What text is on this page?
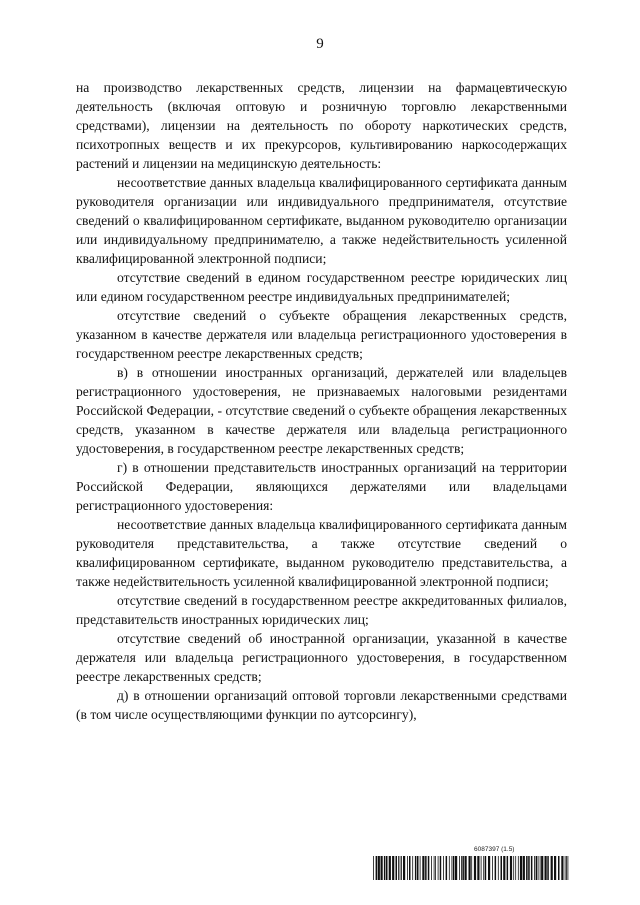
9

на производство лекарственных средств, лицензии на фармацевтическую деятельность (включая оптовую и розничную торговлю лекарственными средствами), лицензии на деятельность по обороту наркотических средств, психотропных веществ и их прекурсоров, культивированию наркосодержащих растений и лицензии на медицинскую деятельность:

несоответствие данных владельца квалифицированного сертификата данным руководителя организации или индивидуального предпринимателя, отсутствие сведений о квалифицированном сертификате, выданном руководителю организации или индивидуальному предпринимателю, а также недействительность усиленной квалифицированной электронной подписи;

отсутствие сведений в едином государственном реестре юридических лиц или едином государственном реестре индивидуальных предпринимателей;

отсутствие сведений о субъекте обращения лекарственных средств, указанном в качестве держателя или владельца регистрационного удостоверения в государственном реестре лекарственных средств;

в) в отношении иностранных организаций, держателей или владельцев регистрационного удостоверения, не признаваемых налоговыми резидентами Российской Федерации, - отсутствие сведений о субъекте обращения лекарственных средств, указанном в качестве держателя или владельца регистрационного удостоверения, в государственном реестре лекарственных средств;

г) в отношении представительств иностранных организаций на территории Российской Федерации, являющихся держателями или владельцами регистрационного удостоверения:

несоответствие данных владельца квалифицированного сертификата данным руководителя представительства, а также отсутствие сведений о квалифицированном сертификате, выданном руководителю представительства, а также недействительность усиленной квалифицированной электронной подписи;

отсутствие сведений в государственном реестре аккредитованных филиалов, представительств иностранных юридических лиц;

отсутствие сведений об иностранной организации, указанной в качестве держателя или владельца регистрационного удостоверения, в государственном реестре лекарственных средств;

д) в отношении организаций оптовой торговли лекарственными средствами (в том числе осуществляющими функции по аутсорсингу),

6087397 (1.5)
